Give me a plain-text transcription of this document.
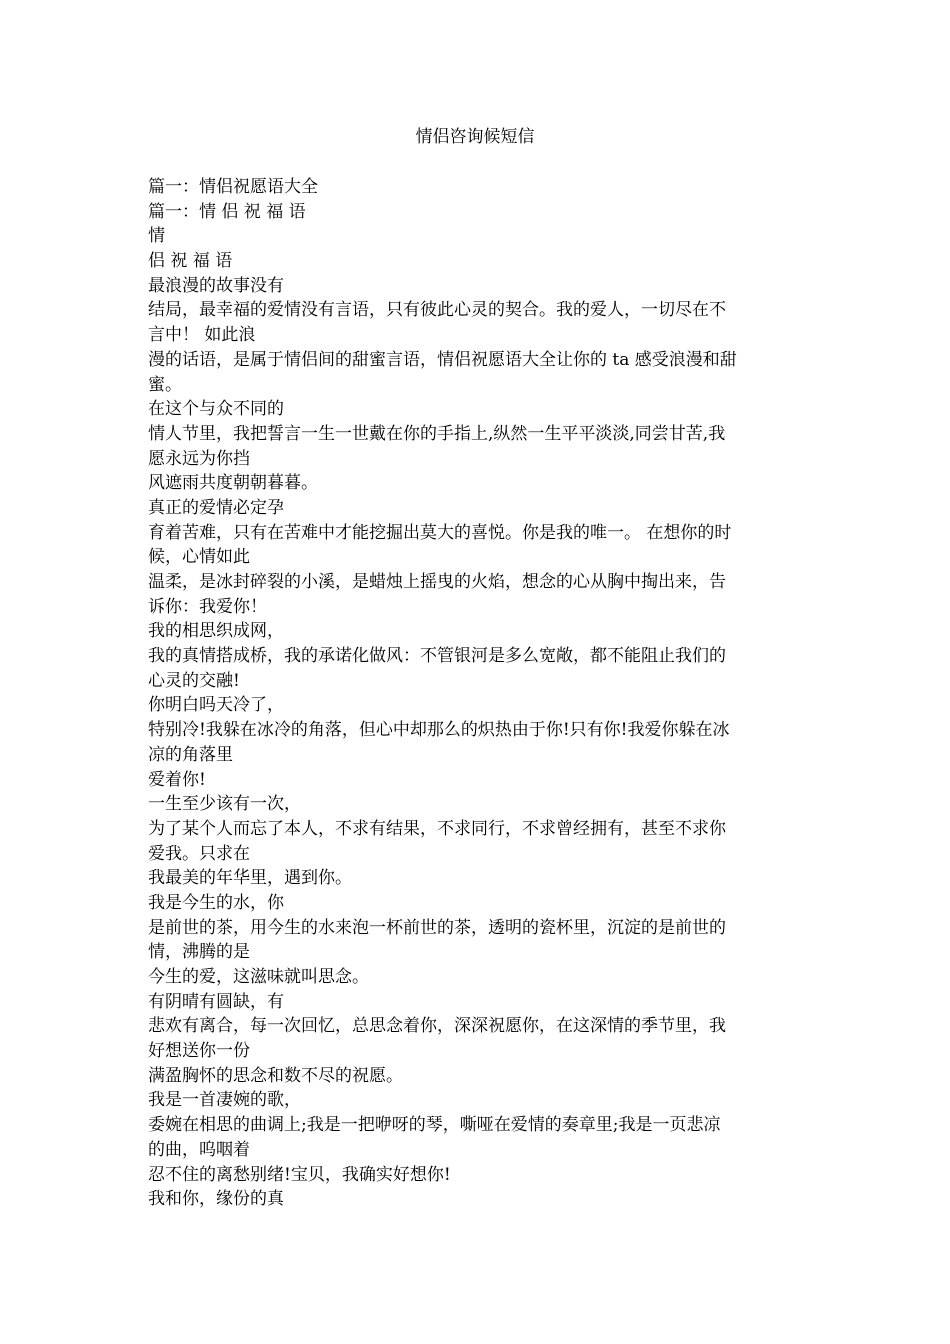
情侣咨询候短信
篇一：情侣祝愿语大全
篇一：情 侣 祝 福 语
情
侣 祝 福 语
最浪漫的故事没有
结局，最幸福的爱情没有言语，只有彼此心灵的契合。我的爱人，一切尽在不
言中！ 如此浪
漫的话语，是属于情侣间的甜蜜言语，情侣祝愿语大全让你的 ta 感受浪漫和甜
蜜。
在这个与众不同的
情人节里，我把誓言一生一世戴在你的手指上,纵然一生平平淡淡,同尝甘苦,我
愿永远为你挡
风遮雨共度朝朝暮暮。
真正的爱情必定孕
育着苦难，只有在苦难中才能挖掘出莫大的喜悦。你是我的唯一。 在想你的时
候，心情如此
温柔，是冰封碎裂的小溪，是蜡烛上摇曳的火焰，想念的心从胸中掏出来，告
诉你：我爱你！
我的相思织成网，
我的真情搭成桥，我的承诺化做风：不管银河是多么宽敞，都不能阻止我们的
心灵的交融!
你明白吗天冷了，
特别冷!我躲在冰冷的角落，但心中却那么的炽热由于你!只有你!我爱你躲在冰
凉的角落里
爱着你!
一生至少该有一次，
为了某个人而忘了本人，不求有结果，不求同行，不求曾经拥有，甚至不求你
爱我。只求在
我最美的年华里，遇到你。
我是今生的水，你
是前世的茶，用今生的水来泡一杯前世的茶，透明的瓷杯里，沉淀的是前世的
情，沸腾的是
今生的爱，这滋味就叫思念。
有阴晴有圆缺，有
悲欢有离合，每一次回忆，总思念着你，深深祝愿你，在这深情的季节里，我
好想送你一份
满盈胸怀的思念和数不尽的祝愿。
我是一首凄婉的歌，
委婉在相思的曲调上;我是一把咿呀的琴，嘶哑在爱情的奏章里;我是一页悲凉
的曲，呜咽着
忍不住的离愁别绪!宝贝，我确实好想你!
我和你，缘份的真
